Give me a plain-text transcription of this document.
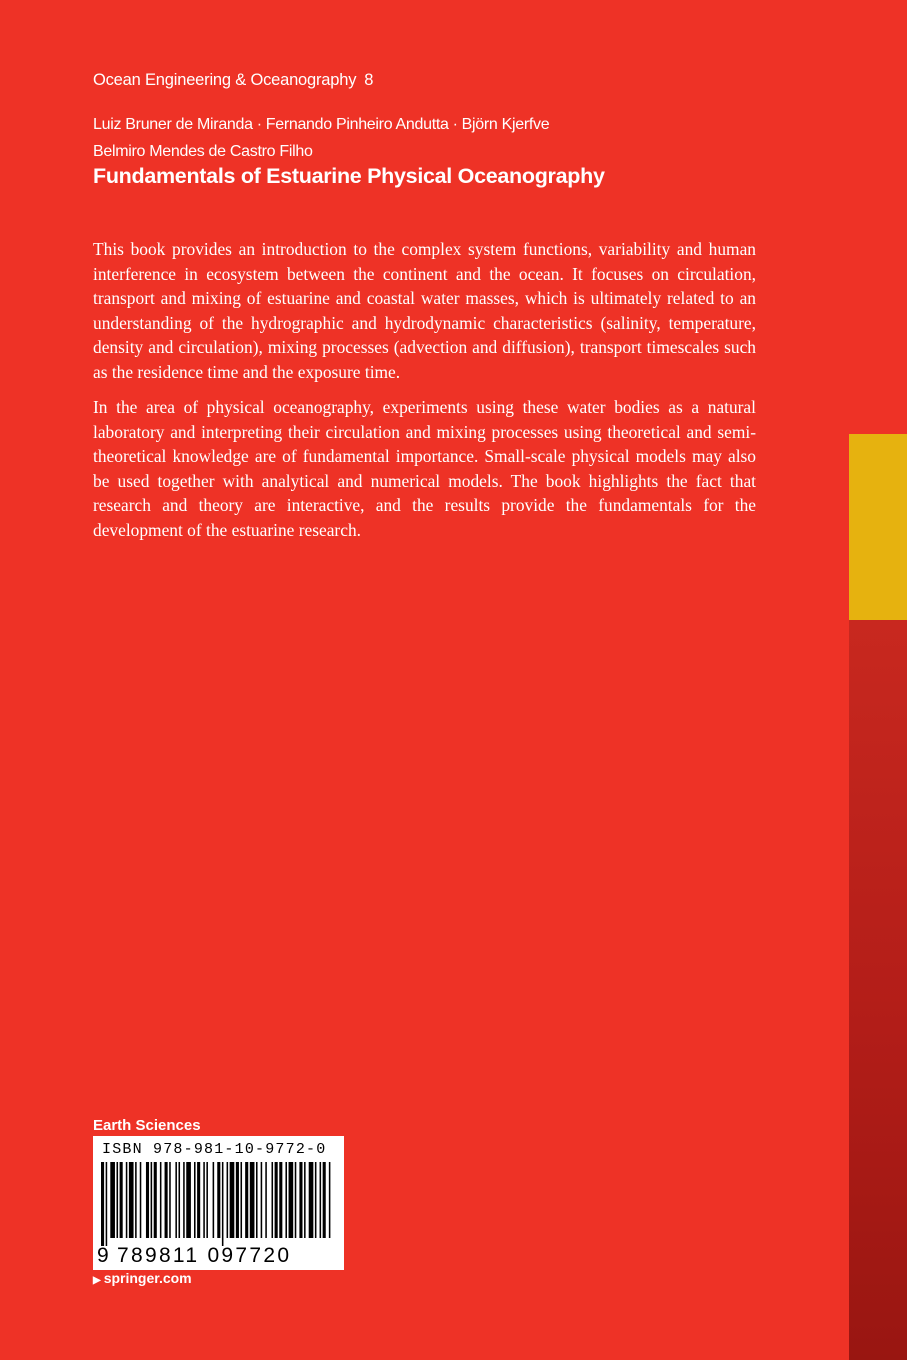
Ocean Engineering & Oceanography 8
Luiz Bruner de Miranda · Fernando Pinheiro Andutta · Björn Kjerfve
Belmiro Mendes de Castro Filho
Fundamentals of Estuarine Physical Oceanography

This book provides an introduction to the complex system functions, variability and human interference in ecosystem between the continent and the ocean. It focuses on circulation, transport and mixing of estuarine and coastal water masses, which is ultimately related to an understanding of the hydrographic and hydrodynamic characteristics (salinity, temperature, density and circulation), mixing processes (advection and diffusion), transport timescales such as the residence time and the exposure time.

In the area of physical oceanography, experiments using these water bodies as a natural laboratory and interpreting their circulation and mixing processes using theoretical and semi-theoretical knowledge are of fundamental importance. Small-scale physical models may also be used together with analytical and numerical models. The book highlights the fact that research and theory are interactive, and the results provide the fundamentals for the development of the estuarine research.

Earth Sciences
ISBN 978-981-10-9772-0
9 789811 097720
▶ springer.com
